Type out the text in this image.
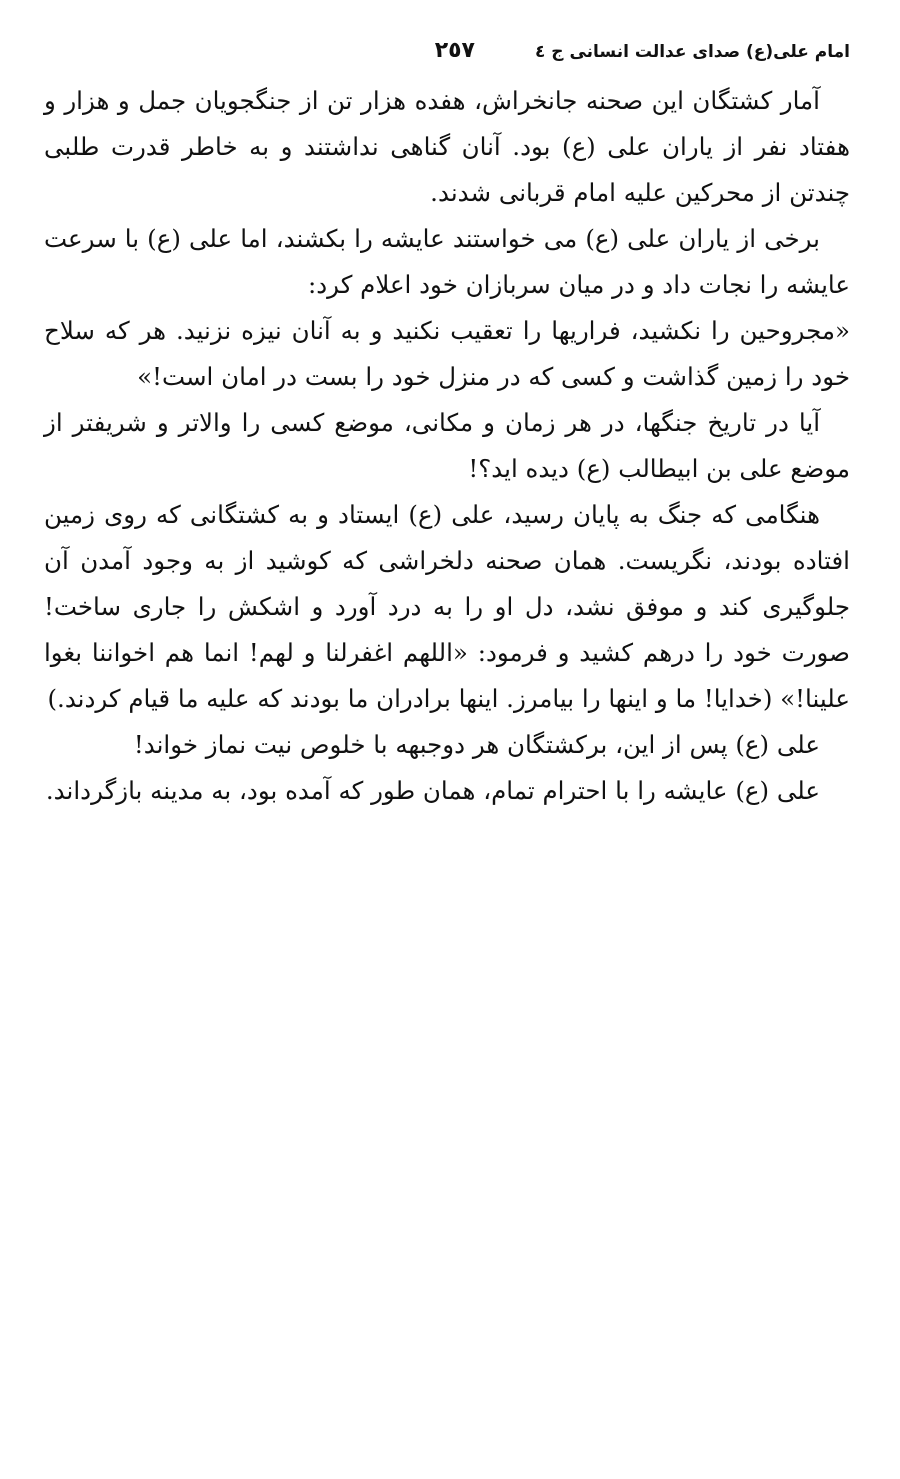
امام علی(ع) صدای عدالت انسانی ج ٤
٢٥٧

آمار کشتگان این صحنه جانخراش، هفده هزار تن از جنگجویان جمل و هزار و هفتاد نفر از یاران علی (ع) بود. آنان گناهی نداشتند و به خاطر قدرت طلبی چندتن از محرکین علیه امام قربانی شدند.

برخی از یاران علی (ع) می خواستند عایشه را بکشند، اما علی (ع) با سرعت عایشه را نجات داد و در میان سربازان خود اعلام کرد:

«مجروحین را نکشید، فراریها را تعقیب نکنید و به آنان نیزه نزنید. هر که سلاح خود را زمین گذاشت و کسی که در منزل خود را بست در امان است!»

آیا در تاریخ جنگها، در هر زمان و مکانی، موضع کسی را والاتر و شریفتر از موضع علی بن ابیطالب (ع) دیده اید؟!

هنگامی که جنگ به پایان رسید، علی (ع) ایستاد و به کشتگانی که روی زمین افتاده بودند، نگریست. همان صحنه دلخراشی که کوشید از به وجود آمدن آن جلوگیری کند و موفق نشد، دل او را به درد آورد و اشکش را جاری ساخت! صورت خود را درهم کشید و فرمود: «اللهم اغفرلنا و لهم! انما هم اخواننا بغوا علینا!» (خدایا! ما و اینها را بیامرز. اینها برادران ما بودند که علیه ما قیام کردند.)

علی (ع) پس از این، برکشتگان هر دوجبهه با خلوص نیت نماز خواند!

علی (ع) عایشه را با احترام تمام، همان طور که آمده بود، به مدینه بازگرداند.
